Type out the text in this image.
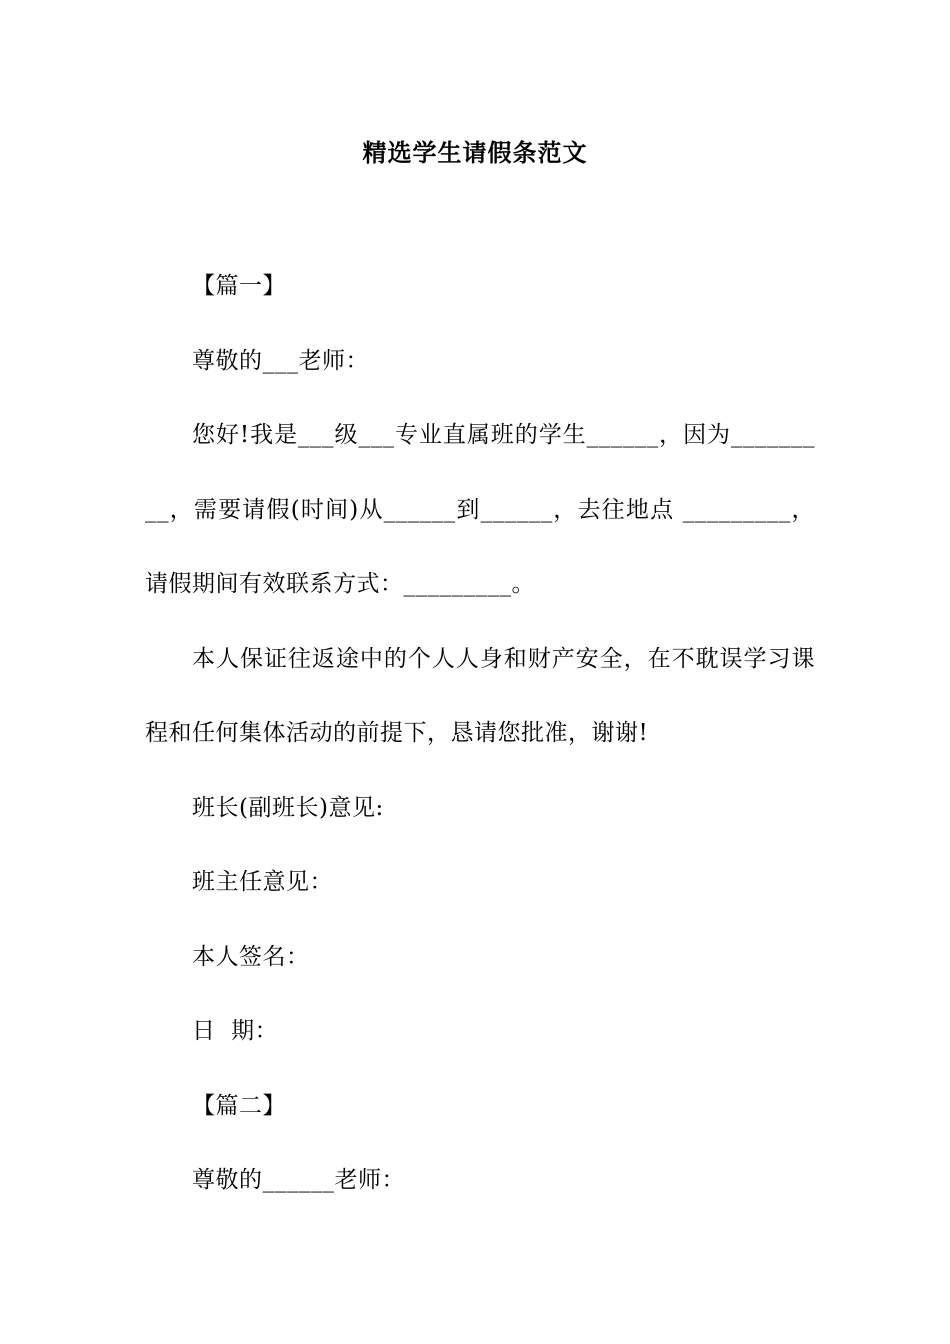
精选学生请假条范文

【篇一】

尊敬的___老师：

您好!我是___级___专业直属班的学生______，因为_________，需要请假(时间)从______到______，去往地点 _________，请假期间有效联系方式：_________。

本人保证往返途中的个人人身和财产安全，在不耽误学习课程和任何集体活动的前提下，恳请您批准，谢谢!

班长(副班长)意见:

班主任意见：

本人签名：

日  期：

【篇二】

尊敬的______老师：
